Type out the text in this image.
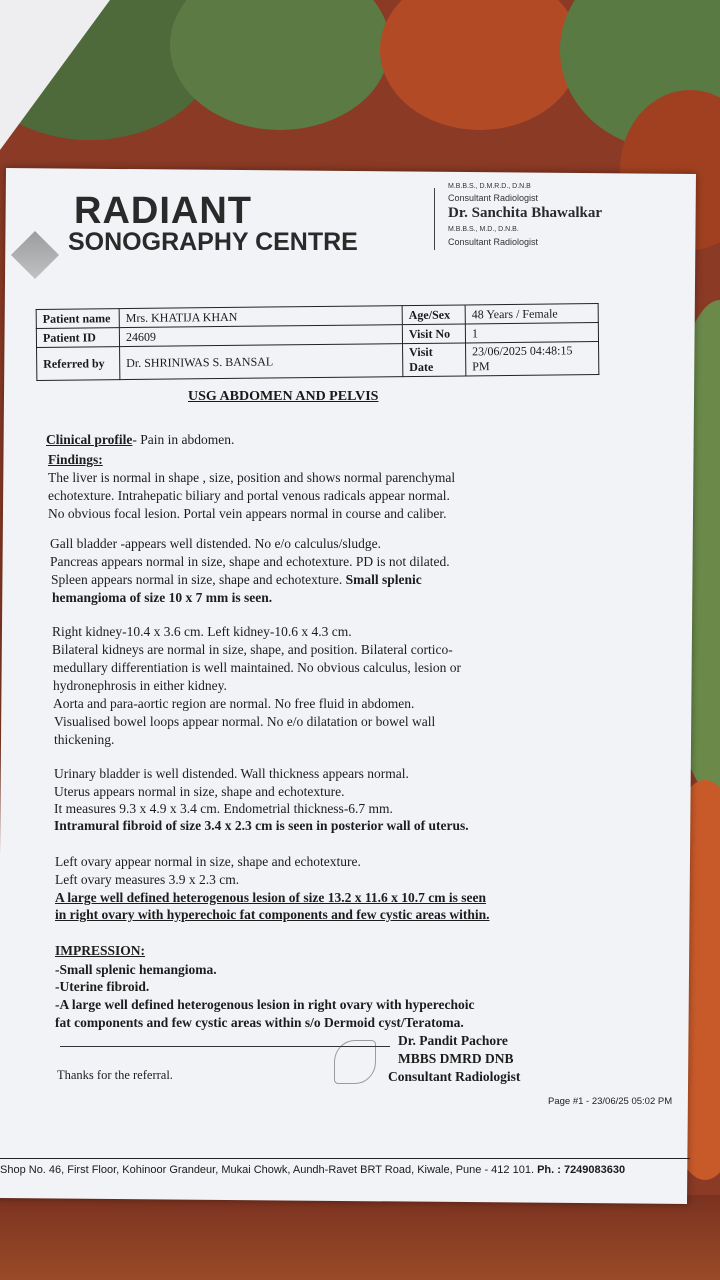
RADIANT
SONOGRAPHY CENTRE
M.B.B.S., D.M.R.D., D.N.B
Consultant Radiologist
Dr. Sanchita Bhawalkar
M.B.B.S., M.D., D.N.B.
Consultant Radiologist
Patient name	Mrs. KHATIJA KHAN	Age/Sex	48 Years / Female
Patient ID	24609	Visit No	1
Referred by	Dr. SHRINIWAS S. BANSAL	Visit Date	23/06/2025 04:48:15 PM
USG ABDOMEN AND PELVIS
Clinical profile- Pain in abdomen.
Findings:
The liver is normal in shape , size, position and shows normal parenchymal
echotexture. Intrahepatic biliary and portal venous radicals appear normal.
No obvious focal lesion. Portal vein appears normal in course and caliber.
Gall bladder -appears well distended. No e/o calculus/sludge.
Pancreas appears normal in size, shape and echotexture. PD is not dilated.
Spleen appears normal in size, shape and echotexture. Small splenic
hemangioma of size 10 x 7 mm is seen.
Right kidney-10.4 x 3.6 cm. Left kidney-10.6 x 4.3 cm.
Bilateral kidneys are normal in size, shape, and position. Bilateral cortico-
medullary differentiation is well maintained. No obvious calculus, lesion or
hydronephrosis in either kidney.
Aorta and para-aortic region are normal. No free fluid in abdomen.
Visualised bowel loops appear normal. No e/o dilatation or bowel wall
thickening.
Urinary bladder is well distended. Wall thickness appears normal.
Uterus appears normal in size, shape and echotexture.
It measures 9.3 x 4.9 x 3.4 cm. Endometrial thickness-6.7 mm.
Intramural fibroid of size 3.4 x 2.3 cm is seen in posterior wall of uterus.
Left ovary appear normal in size, shape and echotexture.
Left ovary measures 3.9 x 2.3 cm.
A large well defined heterogenous lesion of size 13.2 x 11.6 x 10.7 cm is seen
in right ovary with hyperechoic fat components and few cystic areas within.
IMPRESSION:
-Small splenic hemangioma.
-Uterine fibroid.
-A large well defined heterogenous lesion in right ovary with hyperechoic
fat components and few cystic areas within s/o Dermoid cyst/Teratoma.
Dr. Pandit Pachore
MBBS DMRD DNB
Consultant Radiologist
Thanks for the referral.
Page #1 - 23/06/25 05:02 PM
Shop No. 46, First Floor, Kohinoor Grandeur, Mukai Chowk, Aundh-Ravet BRT Road, Kiwale, Pune - 412 101. Ph. : 7249083630
